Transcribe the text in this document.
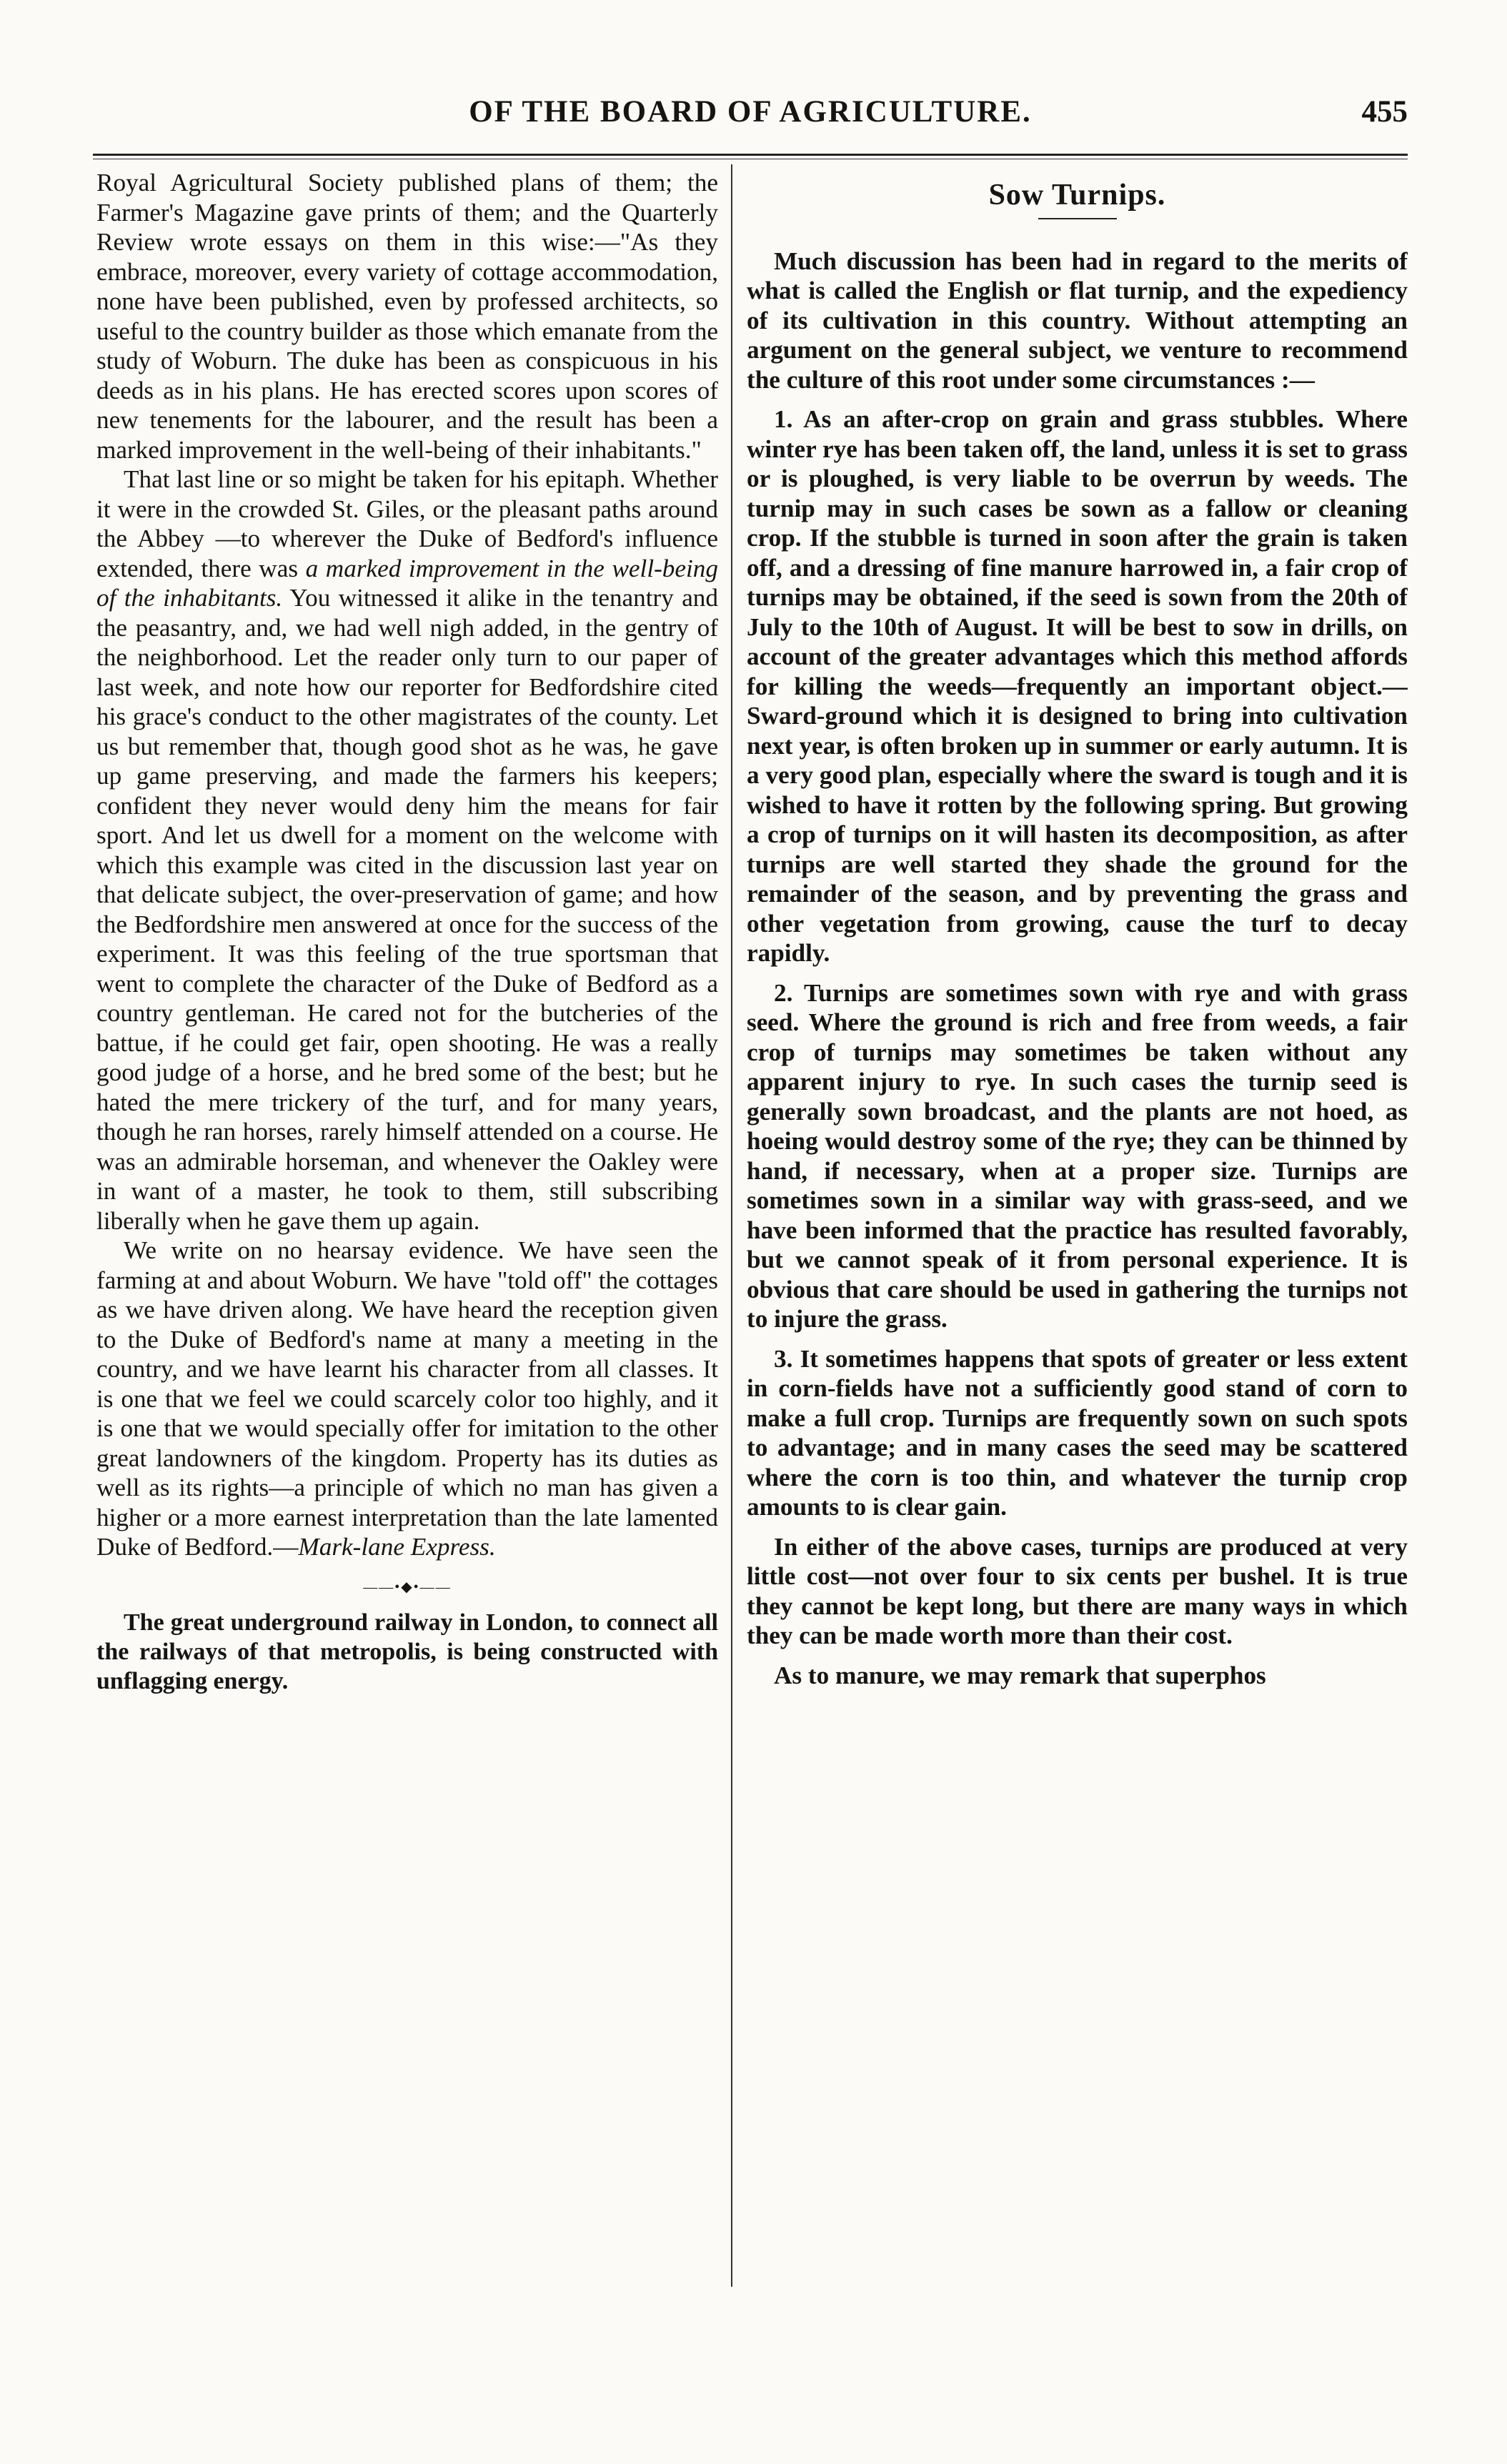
OF THE BOARD OF AGRICULTURE.	455

Royal Agricultural Society published plans of them; the Farmer's Magazine gave prints of them; and the Quarterly Review wrote essays on them in this wise:—"As they embrace, moreover, every variety of cottage accommodation, none have been published, even by professed architects, so useful to the country builder as those which emanate from the study of Woburn. The duke has been as conspicuous in his deeds as in his plans. He has erected scores upon scores of new tenements for the labourer, and the result has been a marked improvement in the well-being of their inhabitants."

That last line or so might be taken for his epitaph. Whether it were in the crowded St. Giles, or the pleasant paths around the Abbey —to wherever the Duke of Bedford's influence extended, there was a marked improvement in the well-being of the inhabitants. You witnessed it alike in the tenantry and the peasantry, and, we had well nigh added, in the gentry of the neighborhood. Let the reader only turn to our paper of last week, and note how our reporter for Bedfordshire cited his grace's conduct to the other magistrates of the county. Let us but remember that, though good shot as he was, he gave up game preserving, and made the farmers his keepers; confident they never would deny him the means for fair sport. And let us dwell for a moment on the welcome with which this example was cited in the discussion last year on that delicate subject, the over-preservation of game; and how the Bedfordshire men answered at once for the success of the experiment. It was this feeling of the true sportsman that went to complete the character of the Duke of Bedford as a country gentleman. He cared not for the butcheries of the battue, if he could get fair, open shooting. He was a really good judge of a horse, and he bred some of the best; but he hated the mere trickery of the turf, and for many years, though he ran horses, rarely himself attended on a course. He was an admirable horseman, and whenever the Oakley were in want of a master, he took to them, still subscribing liberally when he gave them up again.

We write on no hearsay evidence. We have seen the farming at and about Woburn. We have "told off" the cottages as we have driven along. We have heard the reception given to the Duke of Bedford's name at many a meeting in the country, and we have learnt his character from all classes. It is one that we feel we could scarcely color too highly, and it is one that we would specially offer for imitation to the other great landowners of the kingdom. Property has its duties as well as its rights—a principle of which no man has given a higher or a more earnest interpretation than the late lamented Duke of Bedford.—Mark-lane Express.

——•◆•——

The great underground railway in London, to connect all the railways of that metropolis, is being constructed with unflagging energy.

Sow Turnips.

Much discussion has been had in regard to the merits of what is called the English or flat turnip, and the expediency of its cultivation in this country. Without attempting an argument on the general subject, we venture to recommend the culture of this root under some circumstances :—

1. As an after-crop on grain and grass stubbles. Where winter rye has been taken off, the land, unless it is set to grass or is ploughed, is very liable to be overrun by weeds. The turnip may in such cases be sown as a fallow or cleaning crop. If the stubble is turned in soon after the grain is taken off, and a dressing of fine manure harrowed in, a fair crop of turnips may be obtained, if the seed is sown from the 20th of July to the 10th of August. It will be best to sow in drills, on account of the greater advantages which this method affords for killing the weeds—frequently an important object.—Sward-ground which it is designed to bring into cultivation next year, is often broken up in summer or early autumn. It is a very good plan, especially where the sward is tough and it is wished to have it rotten by the following spring. But growing a crop of turnips on it will hasten its decomposition, as after turnips are well started they shade the ground for the remainder of the season, and by preventing the grass and other vegetation from growing, cause the turf to decay rapidly.

2. Turnips are sometimes sown with rye and with grass seed. Where the ground is rich and free from weeds, a fair crop of turnips may sometimes be taken without any apparent injury to rye. In such cases the turnip seed is generally sown broadcast, and the plants are not hoed, as hoeing would destroy some of the rye; they can be thinned by hand, if necessary, when at a proper size. Turnips are sometimes sown in a similar way with grass-seed, and we have been informed that the practice has resulted favorably, but we cannot speak of it from personal experience. It is obvious that care should be used in gathering the turnips not to injure the grass.

3. It sometimes happens that spots of greater or less extent in corn-fields have not a sufficiently good stand of corn to make a full crop. Turnips are frequently sown on such spots to advantage; and in many cases the seed may be scattered where the corn is too thin, and whatever the turnip crop amounts to is clear gain.

In either of the above cases, turnips are produced at very little cost—not over four to six cents per bushel. It is true they cannot be kept long, but there are many ways in which they can be made worth more than their cost.

As to manure, we may remark that superphos
